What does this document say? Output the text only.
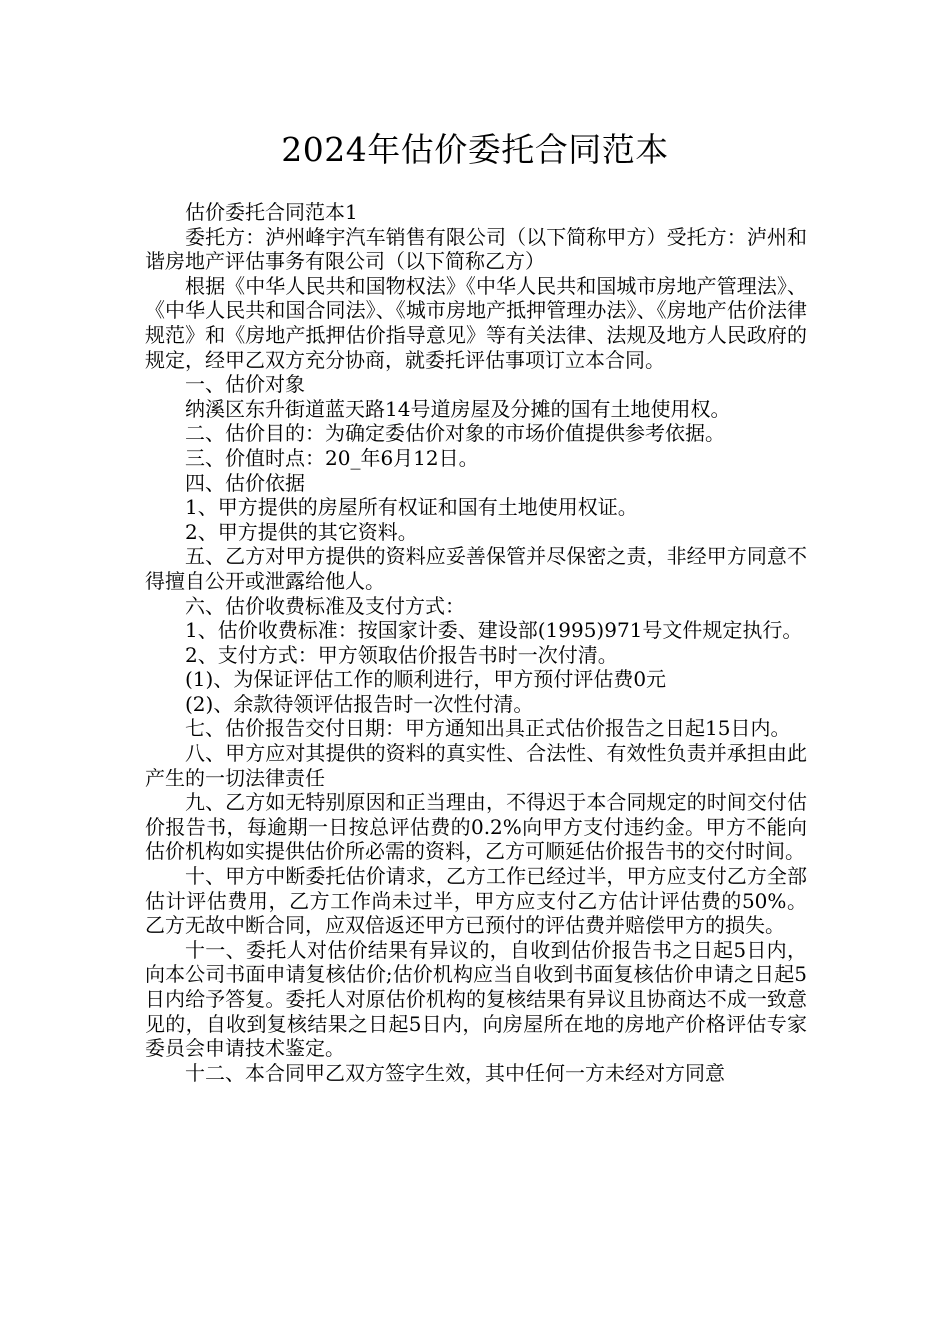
2024年估价委托合同范本

估价委托合同范本1

委托方：泸州峰宇汽车销售有限公司（以下简称甲方）受托方：泸州和谐房地产评估事务有限公司（以下简称乙方）

根据《中华人民共和国物权法》《中华人民共和国城市房地产管理法》、《中华人民共和国合同法》、《城市房地产抵押管理办法》、《房地产估价法律规范》和《房地产抵押估价指导意见》等有关法律、法规及地方人民政府的规定，经甲乙双方充分协商，就委托评估事项订立本合同。

一、估价对象

纳溪区东升街道蓝天路14号道房屋及分摊的国有土地使用权。

二、估价目的：为确定委估价对象的市场价值提供参考依据。

三、价值时点：20_年6月12日。

四、估价依据

1、甲方提供的房屋所有权证和国有土地使用权证。

2、甲方提供的其它资料。

五、乙方对甲方提供的资料应妥善保管并尽保密之责，非经甲方同意不得擅自公开或泄露给他人。

六、估价收费标准及支付方式：

1、估价收费标准：按国家计委、建设部(1995)971号文件规定执行。

2、支付方式：甲方领取估价报告书时一次付清。

(1)、为保证评估工作的顺利进行，甲方预付评估费0元

(2)、余款待领评估报告时一次性付清。

七、估价报告交付日期：甲方通知出具正式估价报告之日起15日内。

八、甲方应对其提供的资料的真实性、合法性、有效性负责并承担由此产生的一切法律责任

九、乙方如无特别原因和正当理由，不得迟于本合同规定的时间交付估价报告书，每逾期一日按总评估费的0.2%向甲方支付违约金。甲方不能向估价机构如实提供估价所必需的资料，乙方可顺延估价报告书的交付时间。

十、甲方中断委托估价请求，乙方工作已经过半，甲方应支付乙方全部估计评估费用，乙方工作尚未过半，甲方应支付乙方估计评估费的50%。乙方无故中断合同，应双倍返还甲方已预付的评估费并赔偿甲方的损失。

十一、委托人对估价结果有异议的，自收到估价报告书之日起5日内，向本公司书面申请复核估价;估价机构应当自收到书面复核估价申请之日起5日内给予答复。委托人对原估价机构的复核结果有异议且协商达不成一致意见的，自收到复核结果之日起5日内，向房屋所在地的房地产价格评估专家委员会申请技术鉴定。

十二、本合同甲乙双方签字生效，其中任何一方未经对方同意
